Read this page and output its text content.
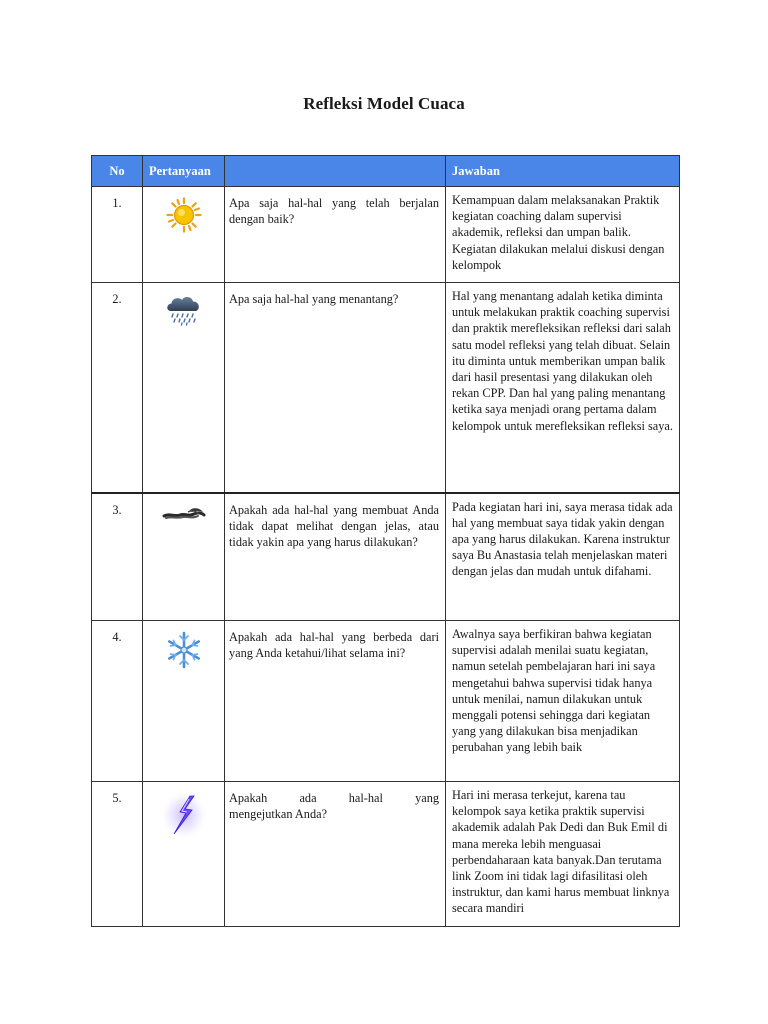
Refleksi Model Cuaca
No	Pertanyaan		Jawaban
1.		Apa saja hal-hal yang telah berjalan dengan baik?	Kemampuan dalam melaksanakan Praktik kegiatan coaching dalam supervisi akademik, refleksi dan umpan balik. Kegiatan dilakukan melalui diskusi dengan kelompok
2.		Apa saja hal-hal yang menantang?	Hal yang menantang adalah ketika diminta untuk melakukan praktik coaching supervisi dan praktik merefleksikan refleksi dari salah satu model refleksi yang telah dibuat. Selain itu diminta untuk memberikan umpan balik dari hasil presentasi yang dilakukan oleh rekan CPP. Dan hal yang paling menantang ketika saya menjadi orang pertama dalam kelompok untuk merefleksikan refleksi saya.
3.		Apakah ada hal-hal yang membuat Anda tidak dapat melihat dengan jelas, atau tidak yakin apa yang harus dilakukan?	Pada kegiatan hari ini, saya merasa tidak ada hal yang membuat saya tidak yakin dengan apa yang harus dilakukan. Karena instruktur saya Bu Anastasia telah menjelaskan materi dengan jelas dan mudah untuk difahami.
4.		Apakah ada hal-hal yang berbeda dari yang Anda ketahui/lihat selama ini?	Awalnya saya berfikiran bahwa kegiatan supervisi adalah menilai suatu kegiatan, namun setelah pembelajaran hari ini saya mengetahui bahwa supervisi tidak hanya untuk menilai, namun dilakukan untuk menggali potensi sehingga dari kegiatan yang yang dilakukan bisa menjadikan perubahan yang lebih baik
5.		Apakah ada hal-hal yang
mengejutkan Anda?	Hari ini merasa terkejut, karena tau kelompok saya ketika praktik supervisi akademik adalah Pak Dedi dan Buk Emil di mana mereka lebih menguasai perbendaharaan kata banyak.Dan terutama link Zoom ini tidak lagi difasilitasi oleh instruktur, dan kami harus membuat linknya secara mandiri
